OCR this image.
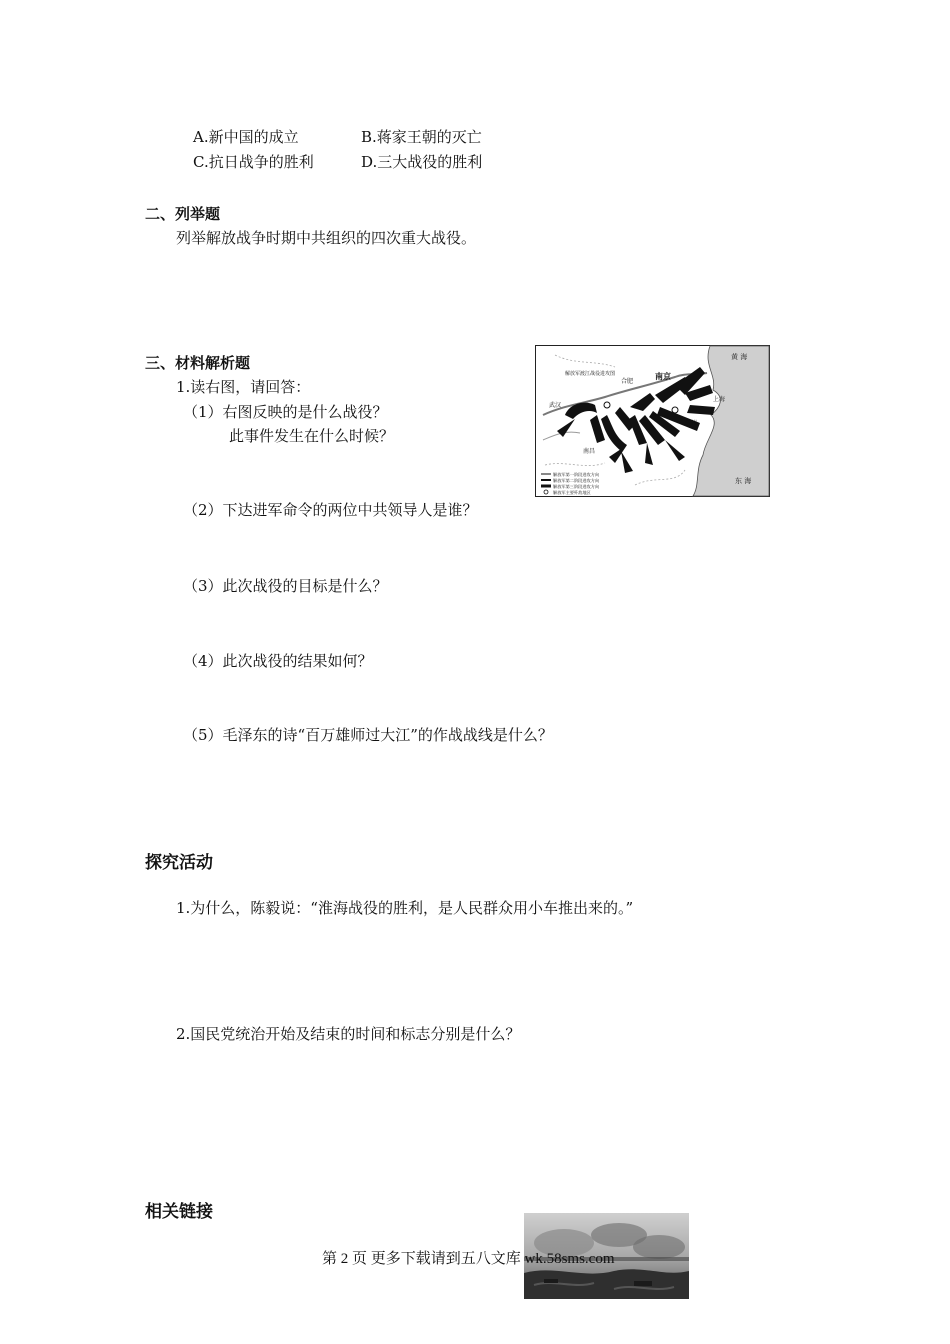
A.新中国的成立	B.蒋家王朝的灭亡
C.抗日战争的胜利	D.三大战役的胜利
二、列举题
列举解放战争时期中共组织的四次重大战役。
三、材料解析题
1.读右图，请回答：
（1）右图反映的是什么战役？
此事件发生在什么时候？
（2）下达进军命令的两位中共领导人是谁？
（3）此次战役的目标是什么？
（4）此次战役的结果如何？
（5）毛泽东的诗“百万雄师过大江”的作战战线是什么？
黄 海
东 海
南京
上海
杭州
南昌
合肥
武汉
解放军渡江战役进攻图
解放军第一阶段进攻方向
解放军第二阶段进攻方向
解放军第三阶段进攻方向
解放军主要歼敌地区
探究活动
1.为什么，陈毅说：“淮海战役的胜利，是人民群众用小车推出来的。”
2.国民党统治开始及结束的时间和标志分别是什么？
相关链接
第 2 页 更多下载请到五八文库 wk.58sms.com
